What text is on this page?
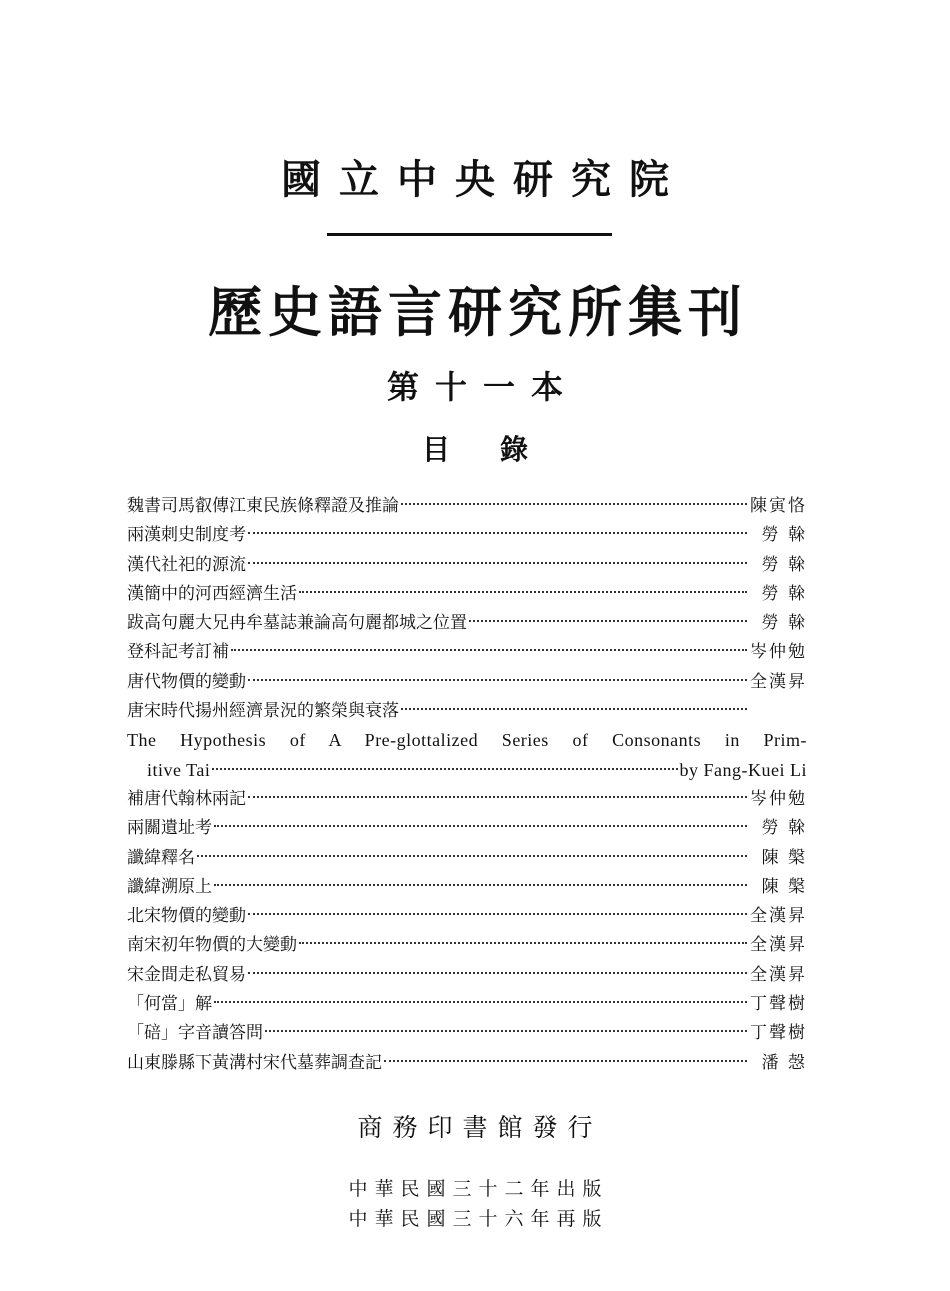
國立中央研究院
歷史語言研究所集刊
第十一本
目錄
魏書司馬叡傳江東民族條釋證及推論	陳寅恪
兩漢刺史制度考	勞 榦
漢代社祀的源流	勞 榦
漢簡中的河西經濟生活	勞 榦
跋高句麗大兄冉牟墓誌兼論高句麗都城之位置	勞 榦
登科記考訂補	岑仲勉
唐代物價的變動	全漢昇
唐宋時代揚州經濟景況的繁榮與衰落
The Hypothesis of A Pre-glottalized Series of Consonants in Prim-
itive Tai	by Fang-Kuei Li
補唐代翰林兩記	岑仲勉
兩關遺址考	勞 榦
讖緯釋名	陳 槃
讖緯溯原上	陳 槃
北宋物價的變動	全漢昇
南宋初年物價的大變動	全漢昇
宋金間走私貿易	全漢昇
「何當」解	丁聲樹
「碚」字音讀答問	丁聲樹
山東滕縣下黃溝村宋代墓葬調查記	潘 愨
商務印書館發行
中華民國三十二年出版
中華民國三十六年再版
